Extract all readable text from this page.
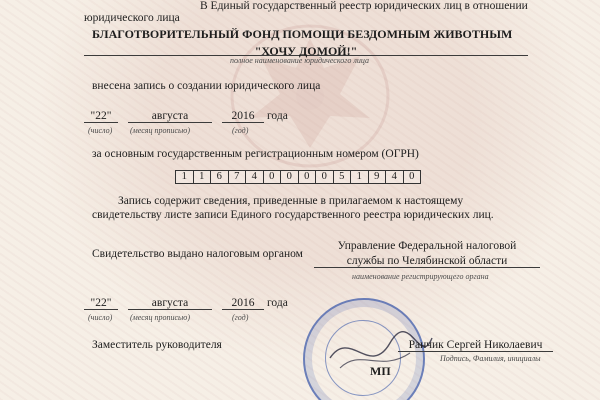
В Единый государственный реестр юридических лиц в отношении
юридического лица
БЛАГОТВОРИТЕЛЬНЫЙ ФОНД ПОМОЩИ БЕЗДОМНЫМ ЖИВОТНЫМ
"ХОЧУ ДОМОЙ!"
полное наименование юридического лица
внесена запись о создании юридического лица
"22"	августа	2016	года
(число) (месяц прописью)	(год)
за основным государственным регистрационным номером (ОГРН)
1	1	6	7	4	0	0	0	0	5	1	9	4	0
Запись содержит сведения, приведенные в прилагаемом к настоящему
свидетельству листе записи Единого государственного реестра юридических лиц.
Свидетельство выдано налоговым органом
Управление Федеральной налоговой
службы по Челябинской области
наименование регистрирующего органа
"22"	августа	2016	года
(число) (месяц прописью)	(год)
Заместитель руководителя	Ранчик Сергей Николаевич
Подпись, Фамилия, инициалы
МП
